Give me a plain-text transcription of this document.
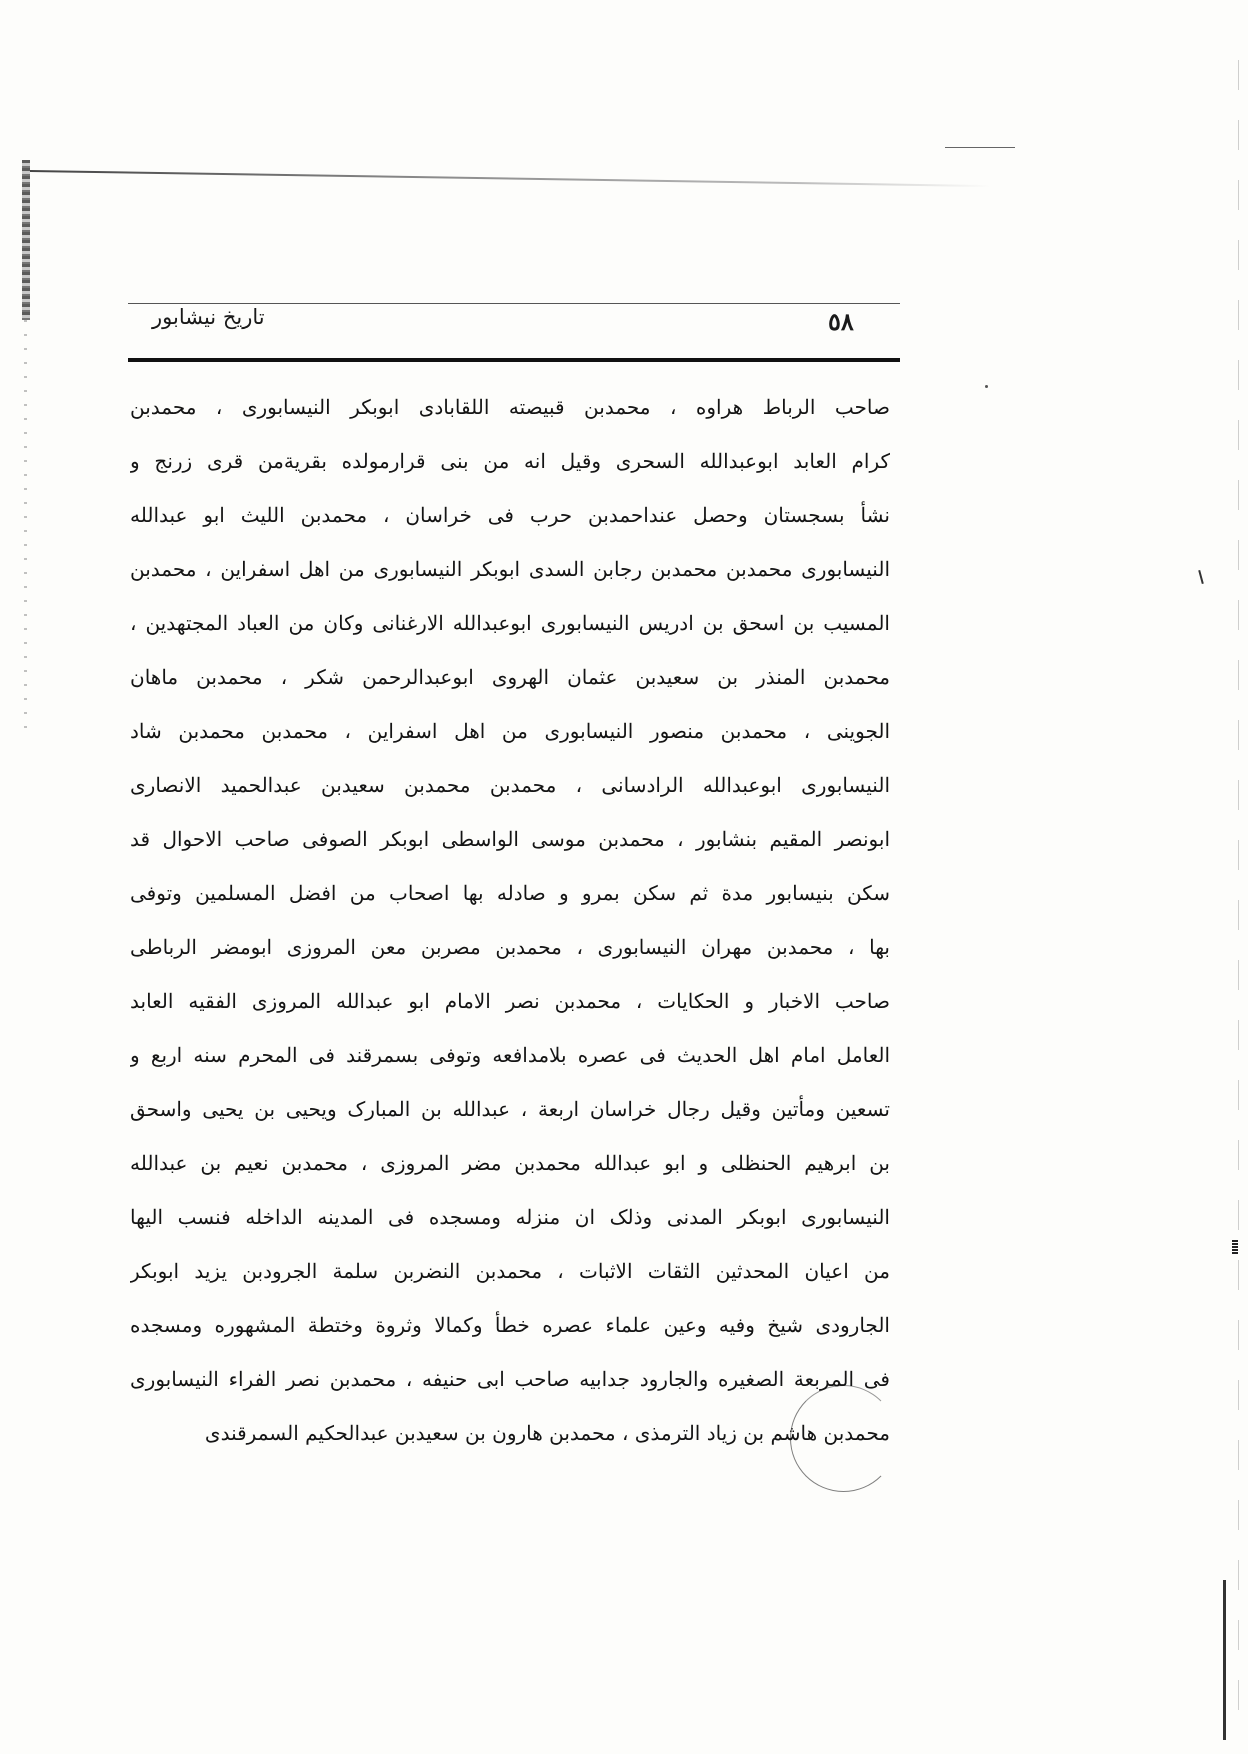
تاریخ نیشابور	٥٨
صاحب الرباط هراوه ، محمدبن قبیصته اللقابادی ابوبکر النیسابوری ، محمدبن
کرام العابد ابوعبدالله السحری وقیل انه من بنی قرارمولده بقریةمن قری زرنج و
نشأ بسجستان وحصل عنداحمدبن حرب فی خراسان ، محمدبن اللیث ابو عبدالله
النیسابوری محمدبن محمدبن رجابن السدی ابوبکر النیسابوری من اهل اسفراین ، محمدبن
المسیب بن اسحق بن ادریس النیسابوری ابوعبدالله الارغنانی وکان من العباد المجتهدین ،
محمدبن المنذر بن سعیدبن عثمان الهروی ابوعبدالرحمن شکر ، محمدبن ماهان
الجوینی ، محمدبن منصور النیسابوری من اهل اسفراین ، محمدبن محمدبن شاد
النیسابوری ابوعبدالله الرادسانی ، محمدبن محمدبن سعیدبن عبدالحمید الانصاری
ابونصر المقیم بنشابور ، محمدبن موسی الواسطی ابوبکر الصوفی صاحب الاحوال قد
سکن بنیسابور مدة ثم سکن بمرو و صادله بها اصحاب من افضل المسلمین وتوفی
بها ، محمدبن مهران النیسابوری ، محمدبن مصربن معن المروزی ابومضر الرباطی
صاحب الاخبار و الحکایات ، محمدبن نصر الامام ابو عبدالله المروزی الفقیه العابد
العامل امام اهل الحدیث فی عصره بلامدافعه وتوفی بسمرقند فی المحرم سنه اربع و
تسعین ومأتین وقیل رجال خراسان اربعة ، عبدالله بن المبارک ویحیی بن یحیی واسحق
بن ابرهیم الحنظلی و ابو عبدالله محمدبن مضر المروزی ، محمدبن نعیم بن عبدالله
النیسابوری ابوبکر المدنی وذلک ان منزله ومسجده فی المدینه الداخله فنسب الیها
من اعیان المحدثین الثقات الاثبات ، محمدبن النضربن سلمة الجرودبن یزید ابوبکر
الجارودی شیخ وفیه وعین علماء عصره خطأ وکمالا وثروة وختطة المشهوره ومسجده
فی المربعة الصغیره والجارود جدابیه صاحب ابی حنیفه ، محمدبن نصر الفراء النیسابوری
محمدبن هاشم بن زیاد الترمذی ، محمدبن هارون بن سعیدبن عبدالحکیم السمرقندی
